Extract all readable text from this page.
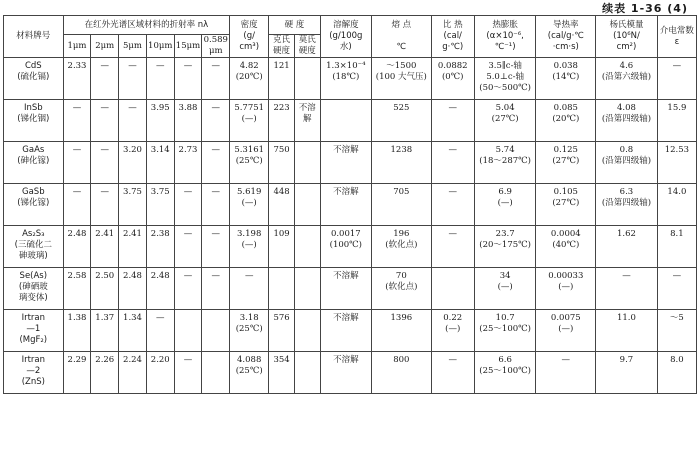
续表 1-36 (4)
材料牌号	在红外光谱区域材料的折射率 nλ						密度
(g/
cm³)	硬 度		溶解度
(g/100g
水)	熔 点

℃	比 热
(cal/
g·℃)	热膨胀
(α×10⁻⁶,
℃⁻¹)	导热率
(cal/g·℃
·cm·s)	杨氏模量
(10⁶N/
cm²)	介电常数
ε
	1μm	2μm	5μm	10μm	15μm	0.589 μm		克氏
硬度	莫氏
硬度							
CdS
(硫化镉)	2.33	—	—	—	—	—	4.82
(20℃)	121		1.3×10⁻⁴
(18℃)	～1500
(100 大气压)	0.0882
(0℃)	3.5∥c-轴
5.0⊥c-轴
(50～500℃)	0.038
(14℃)	4.6
(沿第六级轴)	—
InSb
(锑化铟)	—	—	—	3.95	3.88	—	5.7751
(—)	223	不溶解		525	—	5.04
(27℃)	0.085
(20℃)	4.08
(沿第四级轴)	15.9
GaAs
(砷化镓)	—	—	3.20	3.14	2.73	—	5.3161
(25℃)	750		不溶解	1238	—	5.74
(18～287℃)	0.125
(27℃)	0.8
(沿第四级轴)	12.53
GaSb
(锑化镓)	—	—	3.75	3.75	—	—	5.619
(—)	448		不溶解	705	—	6.9
(—)	0.105
(27℃)	6.3
(沿第四级轴)	14.0
As₂S₃
(三硫化二
砷玻璃)	2.48	2.41	2.41	2.38	—	—	3.198
(—)	109		0.0017
(100℃)	196
(软化点)	—	23.7
(20～175℃)	0.0004
(40℃)	1.62	8.1
Se(As)
(砷硒玻
璃变体)	2.58	2.50	2.48	2.48	—	—	—			不溶解	70
(软化点)		34
(—)	0.00033
(—)	—	—
Irtran
—1
(MgF₂)	1.38	1.37	1.34	—			3.18
(25℃)	576		不溶解	1396	0.22
(—)	10.7
(25～100℃)	0.0075
(—)	11.0	～5
Irtran
—2
(ZnS)	2.29	2.26	2.24	2.20	—		4.088
(25℃)	354		不溶解	800	—	6.6
(25～100℃)	—	9.7	8.0
